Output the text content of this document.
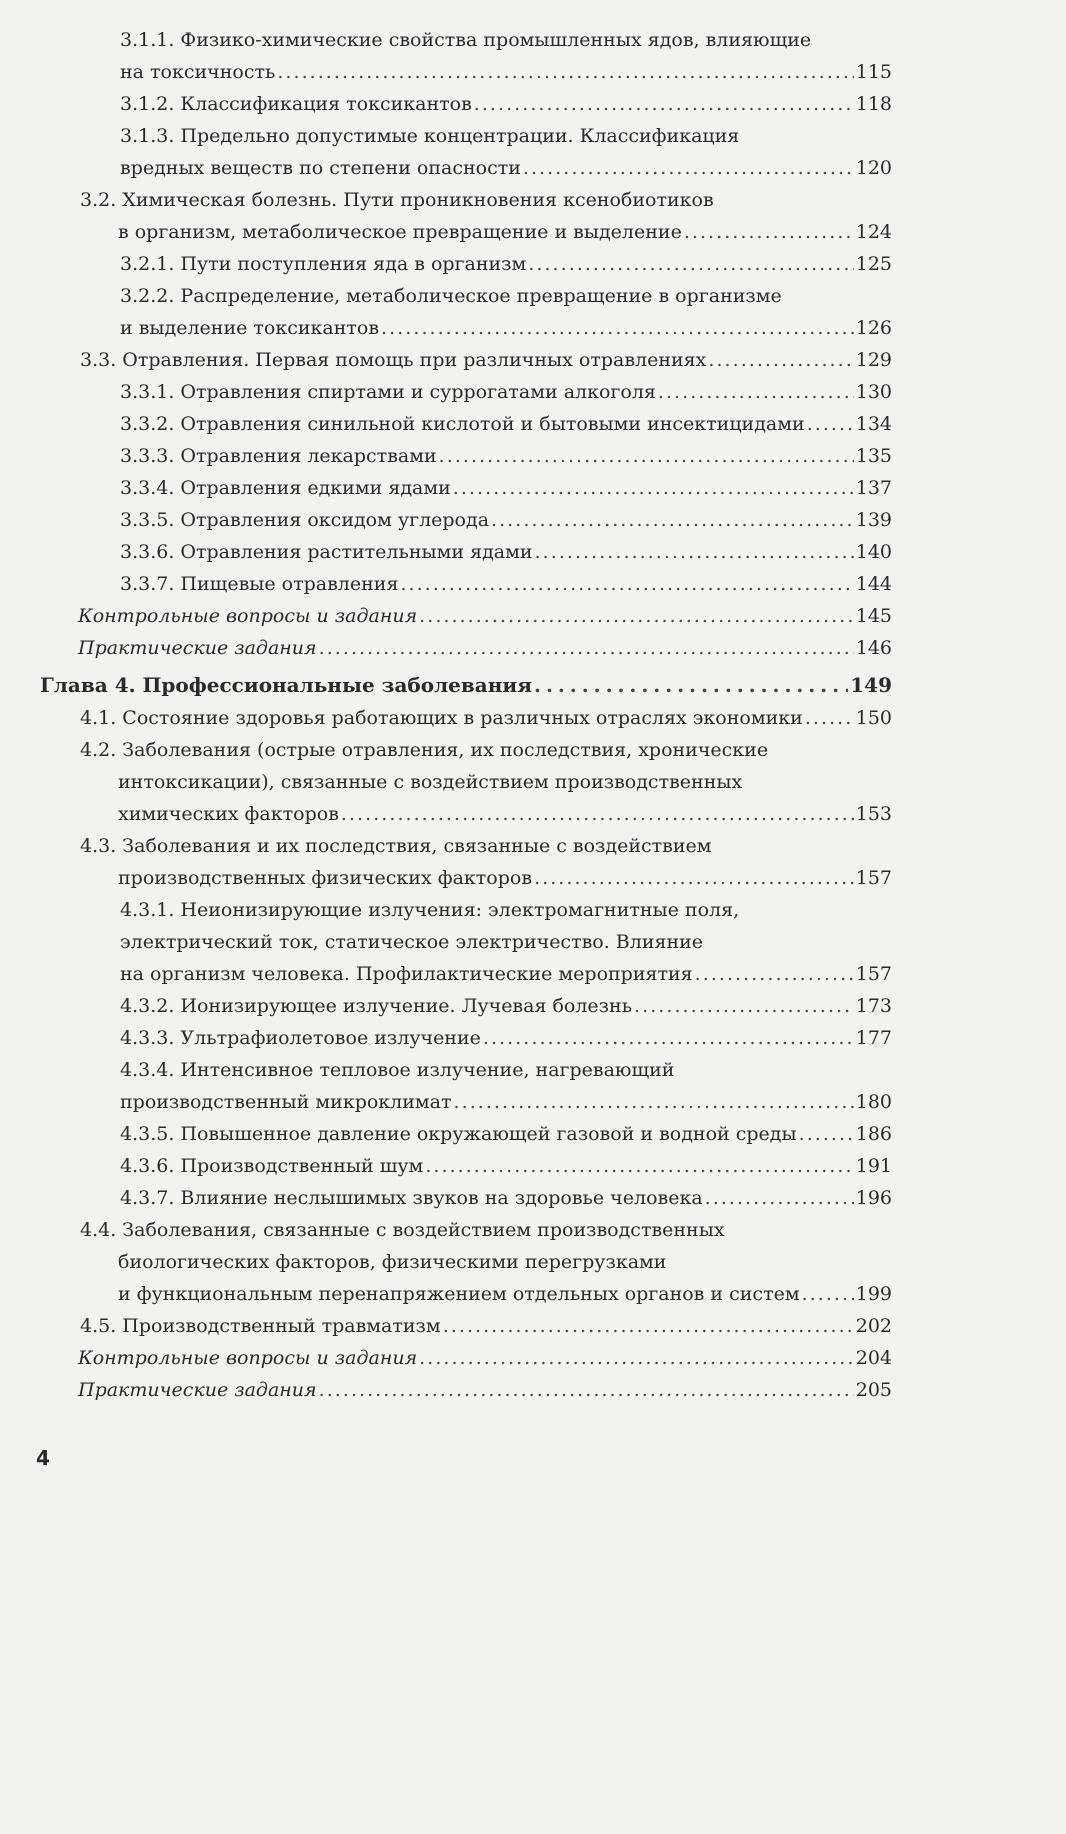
3.1.1. Физико-химические свойства промышленных ядов, влияющие
на токсичность . . .	115
3.1.2. Классификация токсикантов . . .	118
3.1.3. Предельно допустимые концентрации. Классификация
вредных веществ по степени опасности . . .	120
3.2. Химическая болезнь. Пути проникновения ксенобиотиков
в организм, метаболическое превращение и выделение . . .	124
3.2.1. Пути поступления яда в организм . . .	125
3.2.2. Распределение, метаболическое превращение в организме
и выделение токсикантов . . .	126
3.3. Отравления. Первая помощь при различных отравлениях . . .	129
3.3.1. Отравления спиртами и суррогатами алкоголя . . .	130
3.3.2. Отравления синильной кислотой и бытовыми инсектицидами . . .	134
3.3.3. Отравления лекарствами . . .	135
3.3.4. Отравления едкими ядами . . .	137
3.3.5. Отравления оксидом углерода . . .	139
3.3.6. Отравления растительными ядами . . .	140
3.3.7. Пищевые отравления . . .	144
Контрольные вопросы и задания . . .	145
Практические задания . . .	146
Глава 4. Профессиональные заболевания . . .	149
4.1. Состояние здоровья работающих в различных отраслях экономики . . .	150
4.2. Заболевания (острые отравления, их последствия, хронические
интоксикации), связанные с воздействием производственных
химических факторов . . .	153
4.3. Заболевания и их последствия, связанные с воздействием
производственных физических факторов . . .	157
4.3.1. Неионизирующие излучения: электромагнитные поля,
электрический ток, статическое электричество. Влияние
на организм человека. Профилактические мероприятия . . .	157
4.3.2. Ионизирующее излучение. Лучевая болезнь . . .	173
4.3.3. Ультрафиолетовое излучение . . .	177
4.3.4. Интенсивное тепловое излучение, нагревающий
производственный микроклимат . . .	180
4.3.5. Повышенное давление окружающей газовой и водной среды . . .	186
4.3.6. Производственный шум . . .	191
4.3.7. Влияние неслышимых звуков на здоровье человека . . .	196
4.4. Заболевания, связанные с воздействием производственных
биологических факторов, физическими перегрузками
и функциональным перенапряжением отдельных органов и систем . . .	199
4.5. Производственный травматизм . . .	202
Контрольные вопросы и задания . . .	204
Практические задания . . .	205
4
